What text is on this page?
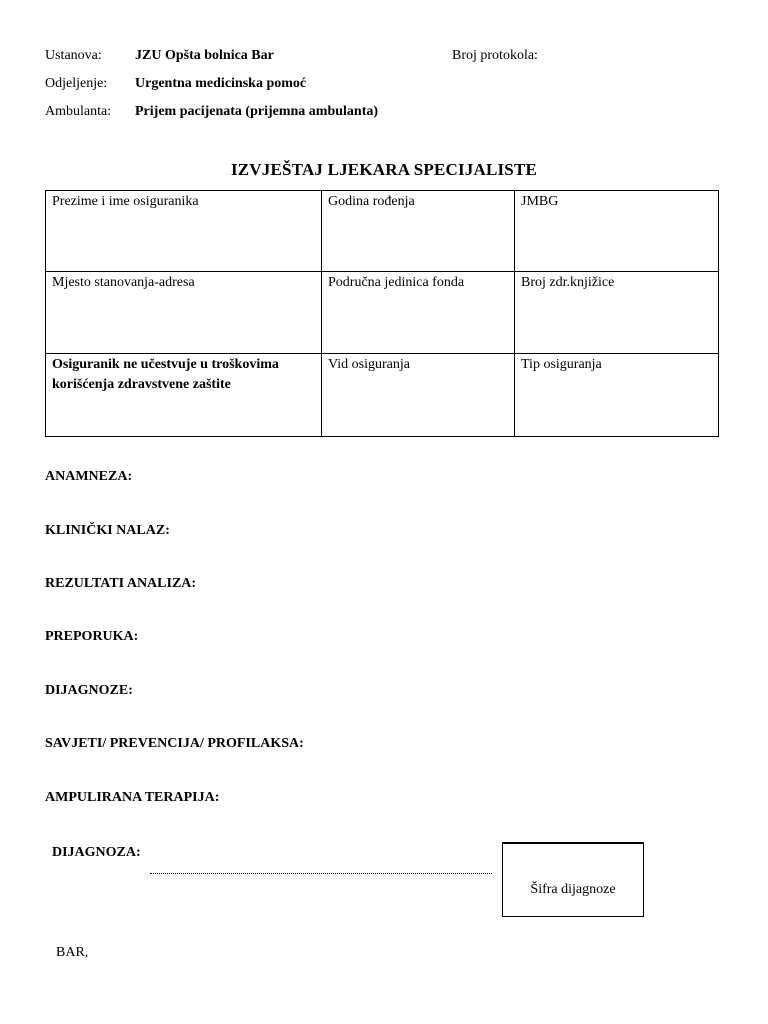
Ustanova: JZU Opšta bolnica Bar
Odjeljenje: Urgentna medicinska pomoć
Ambulanta: Prijem pacijenata (prijemna ambulanta)
Broj protokola:
IZVJEŠTAJ LJEKARA SPECIJALISTE
Prezime i ime osiguranika	Godina rođenja	JMBG
Mjesto stanovanja-adresa	Područna jedinica fonda	Broj zdr.knjižice
Osiguranik ne učestvuje u troškovima korišćenja zdravstvene zaštite	Vid osiguranja	Tip osiguranja
ANAMNEZA:
KLINIČKI NALAZ:
REZULTATI ANALIZA:
PREPORUKA:
DIJAGNOZE:
SAVJETI/ PREVENCIJA/ PROFILAKSA:
AMPULIRANA TERAPIJA:
DIJAGNOZA:
Šifra dijagnoze
BAR,
